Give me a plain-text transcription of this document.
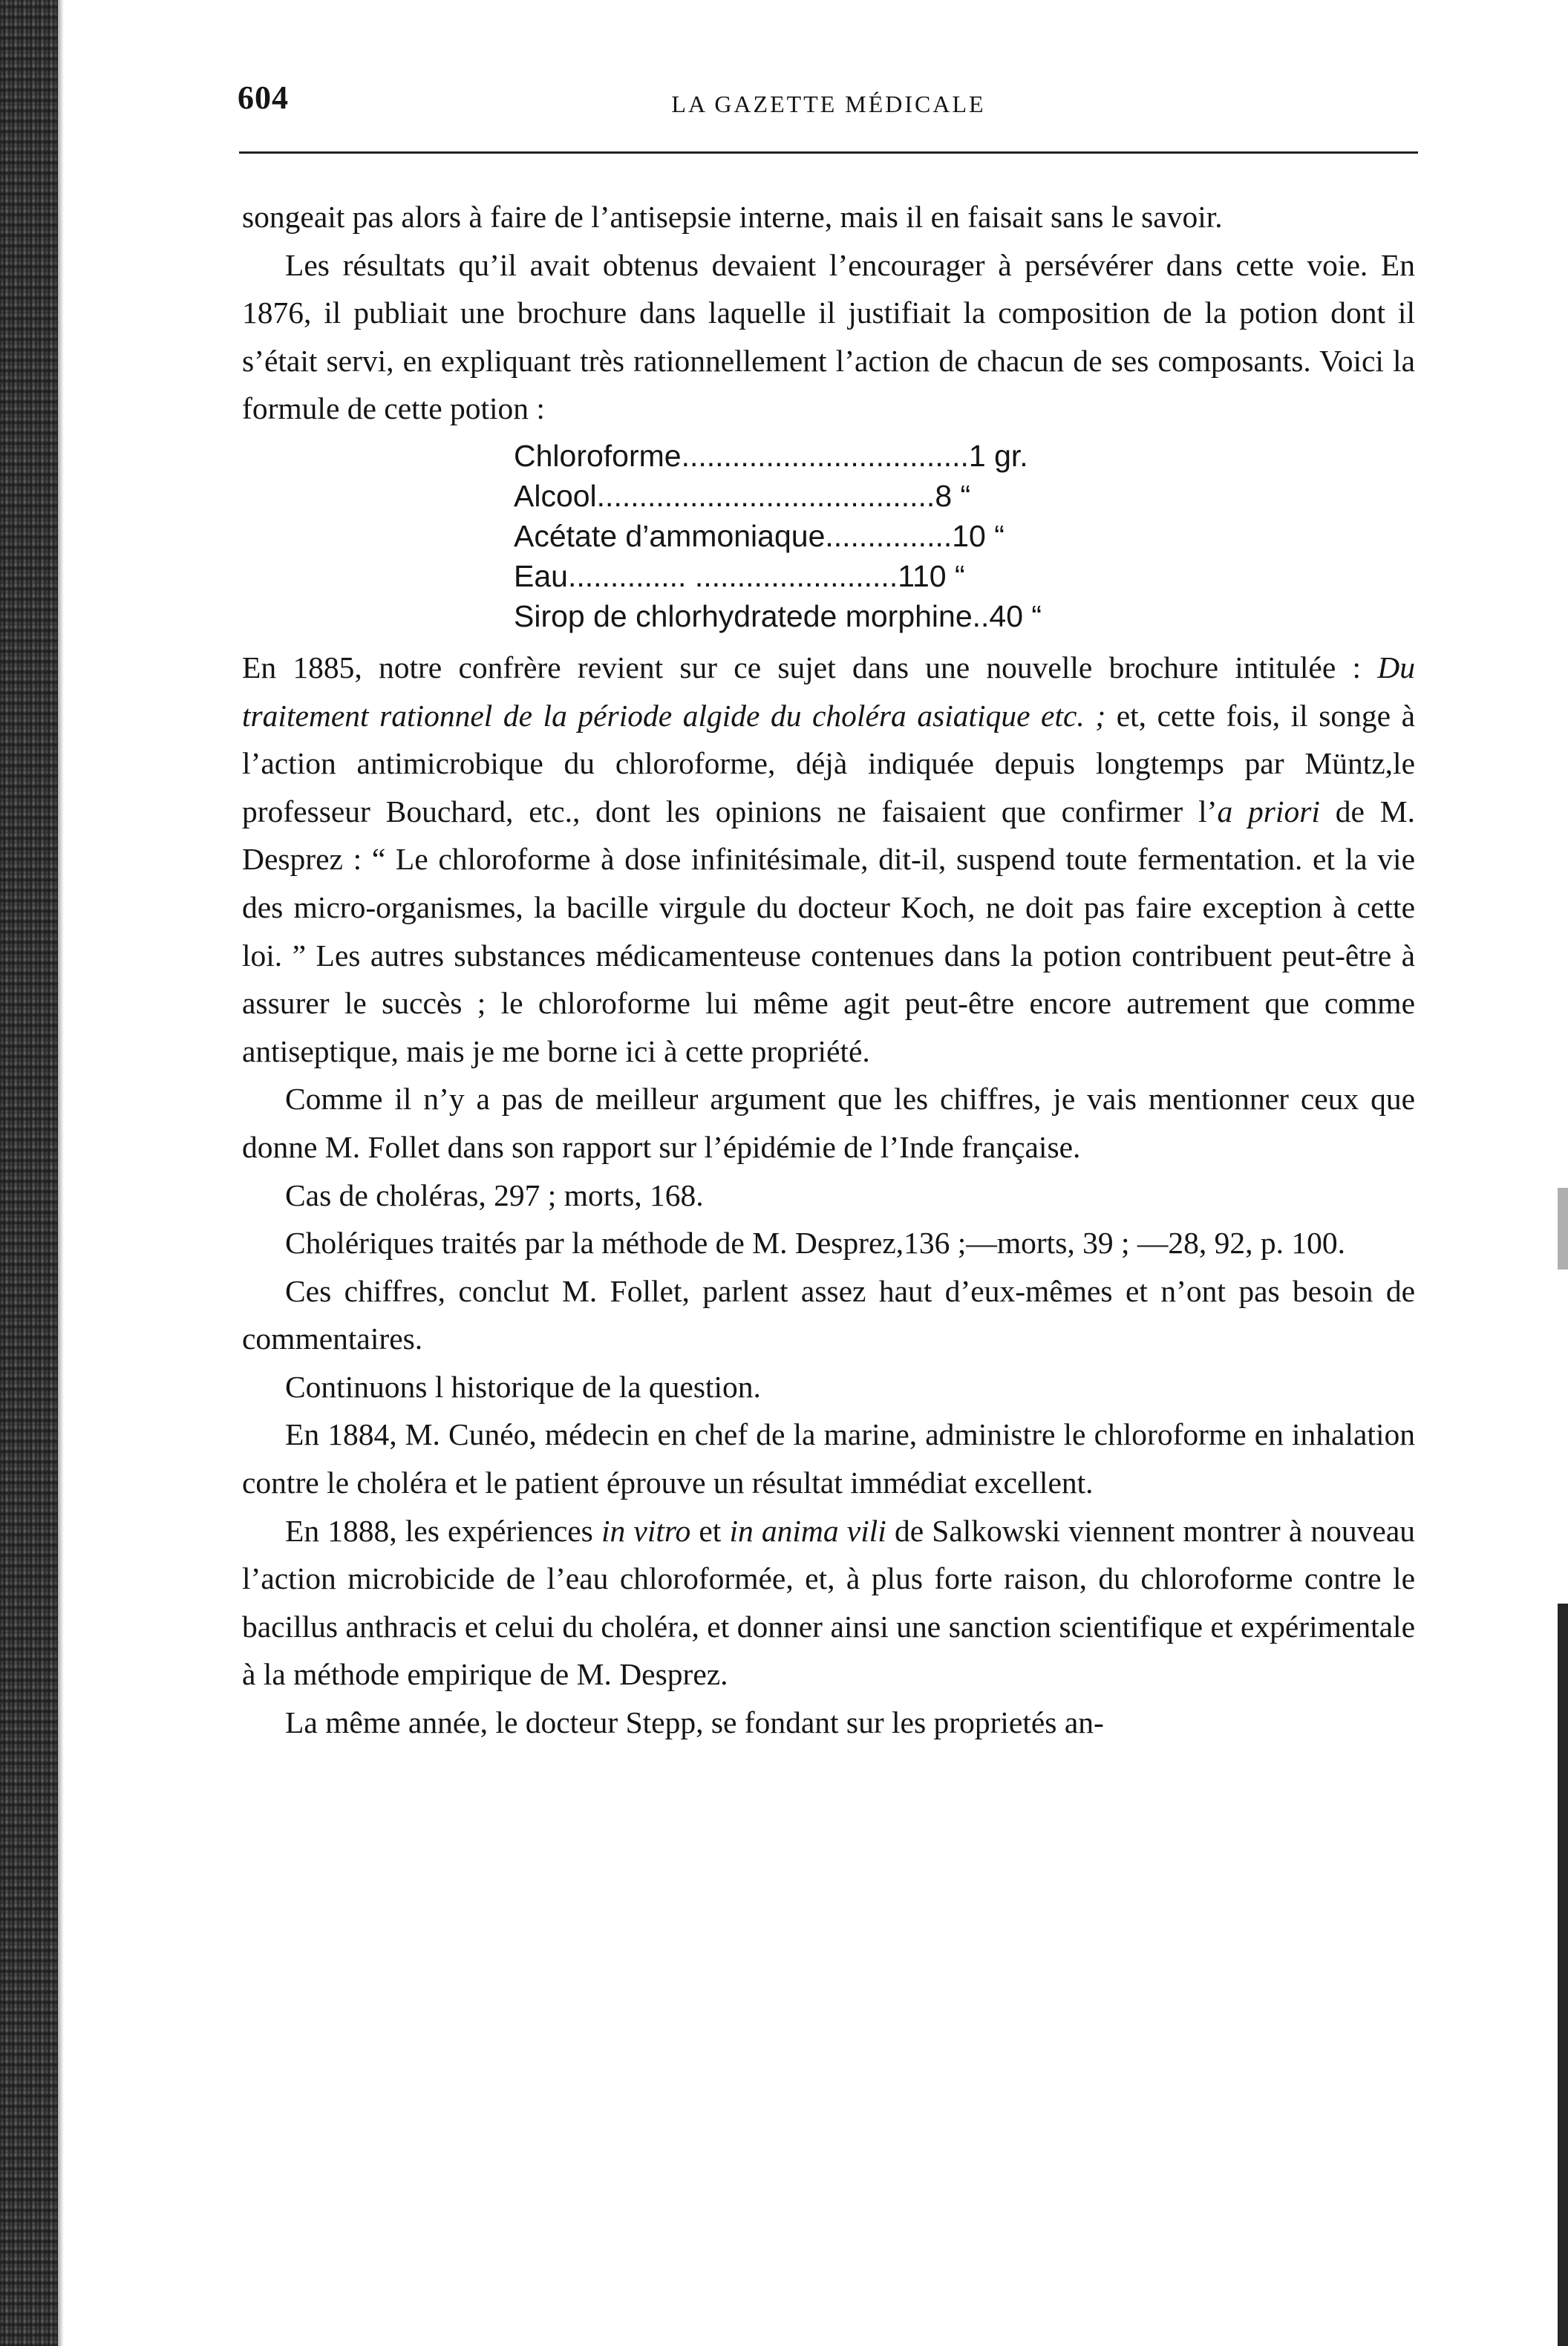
604	LA GAZETTE MÉDICALE

songeait pas alors à faire de l’antisepsie interne, mais il en faisait sans le savoir.

Les résultats qu’il avait obtenus devaient l’encourager à persévérer dans cette voie. En 1876, il publiait une brochure dans laquelle il justifiait la composition de la potion dont il s’était servi, en expliquant très rationnellement l’action de chacun de ses composants. Voici la formule de cette potion :

Chloroforme..................................1 gr.
Alcool........................................8 “
Acétate d’ammoniaque...............10 “
Eau.............. ........................110 “
Sirop de chlorhydratede morphine..40 “

En 1885, notre confrère revient sur ce sujet dans une nouvelle brochure intitulée : Du traitement rationnel de la période algide du choléra asiatique etc. ; et, cette fois, il songe à l’action antimicrobique du chloroforme, déjà indiquée depuis longtemps par Müntz,le professeur Bouchard, etc., dont les opinions ne faisaient que confirmer l’a priori de M. Desprez : “ Le chloroforme à dose infinitésimale, dit-il, suspend toute fermentation. et la vie des micro-organismes, la bacille virgule du docteur Koch, ne doit pas faire exception à cette loi. ” Les autres substances médicamenteuse contenues dans la potion contribuent peut-être à assurer le succès ; le chloroforme lui même agit peut-être encore autrement que comme antiseptique, mais je me borne ici à cette propriété.

Comme il n’y a pas de meilleur argument que les chiffres, je vais mentionner ceux que donne M. Follet dans son rapport sur l’épidémie de l’Inde française.

Cas de choléras, 297 ; morts, 168.

Cholériques traités par la méthode de M. Desprez,136 ;—morts, 39 ; —28, 92, p. 100.

Ces chiffres, conclut M. Follet, parlent assez haut d’eux-mêmes et n’ont pas besoin de commentaires.

Continuons l historique de la question.

En 1884, M. Cunéo, médecin en chef de la marine, administre le chloroforme en inhalation contre le choléra et le patient éprouve un résultat immédiat excellent.

En 1888, les expériences in vitro et in anima vili de Salkowski viennent montrer à nouveau l’action microbicide de l’eau chloroformée, et, à plus forte raison, du chloroforme contre le bacillus anthracis et celui du choléra, et donner ainsi une sanction scientifique et expérimentale à la méthode empirique de M. Desprez.

La même année, le docteur Stepp, se fondant sur les proprietés an-
